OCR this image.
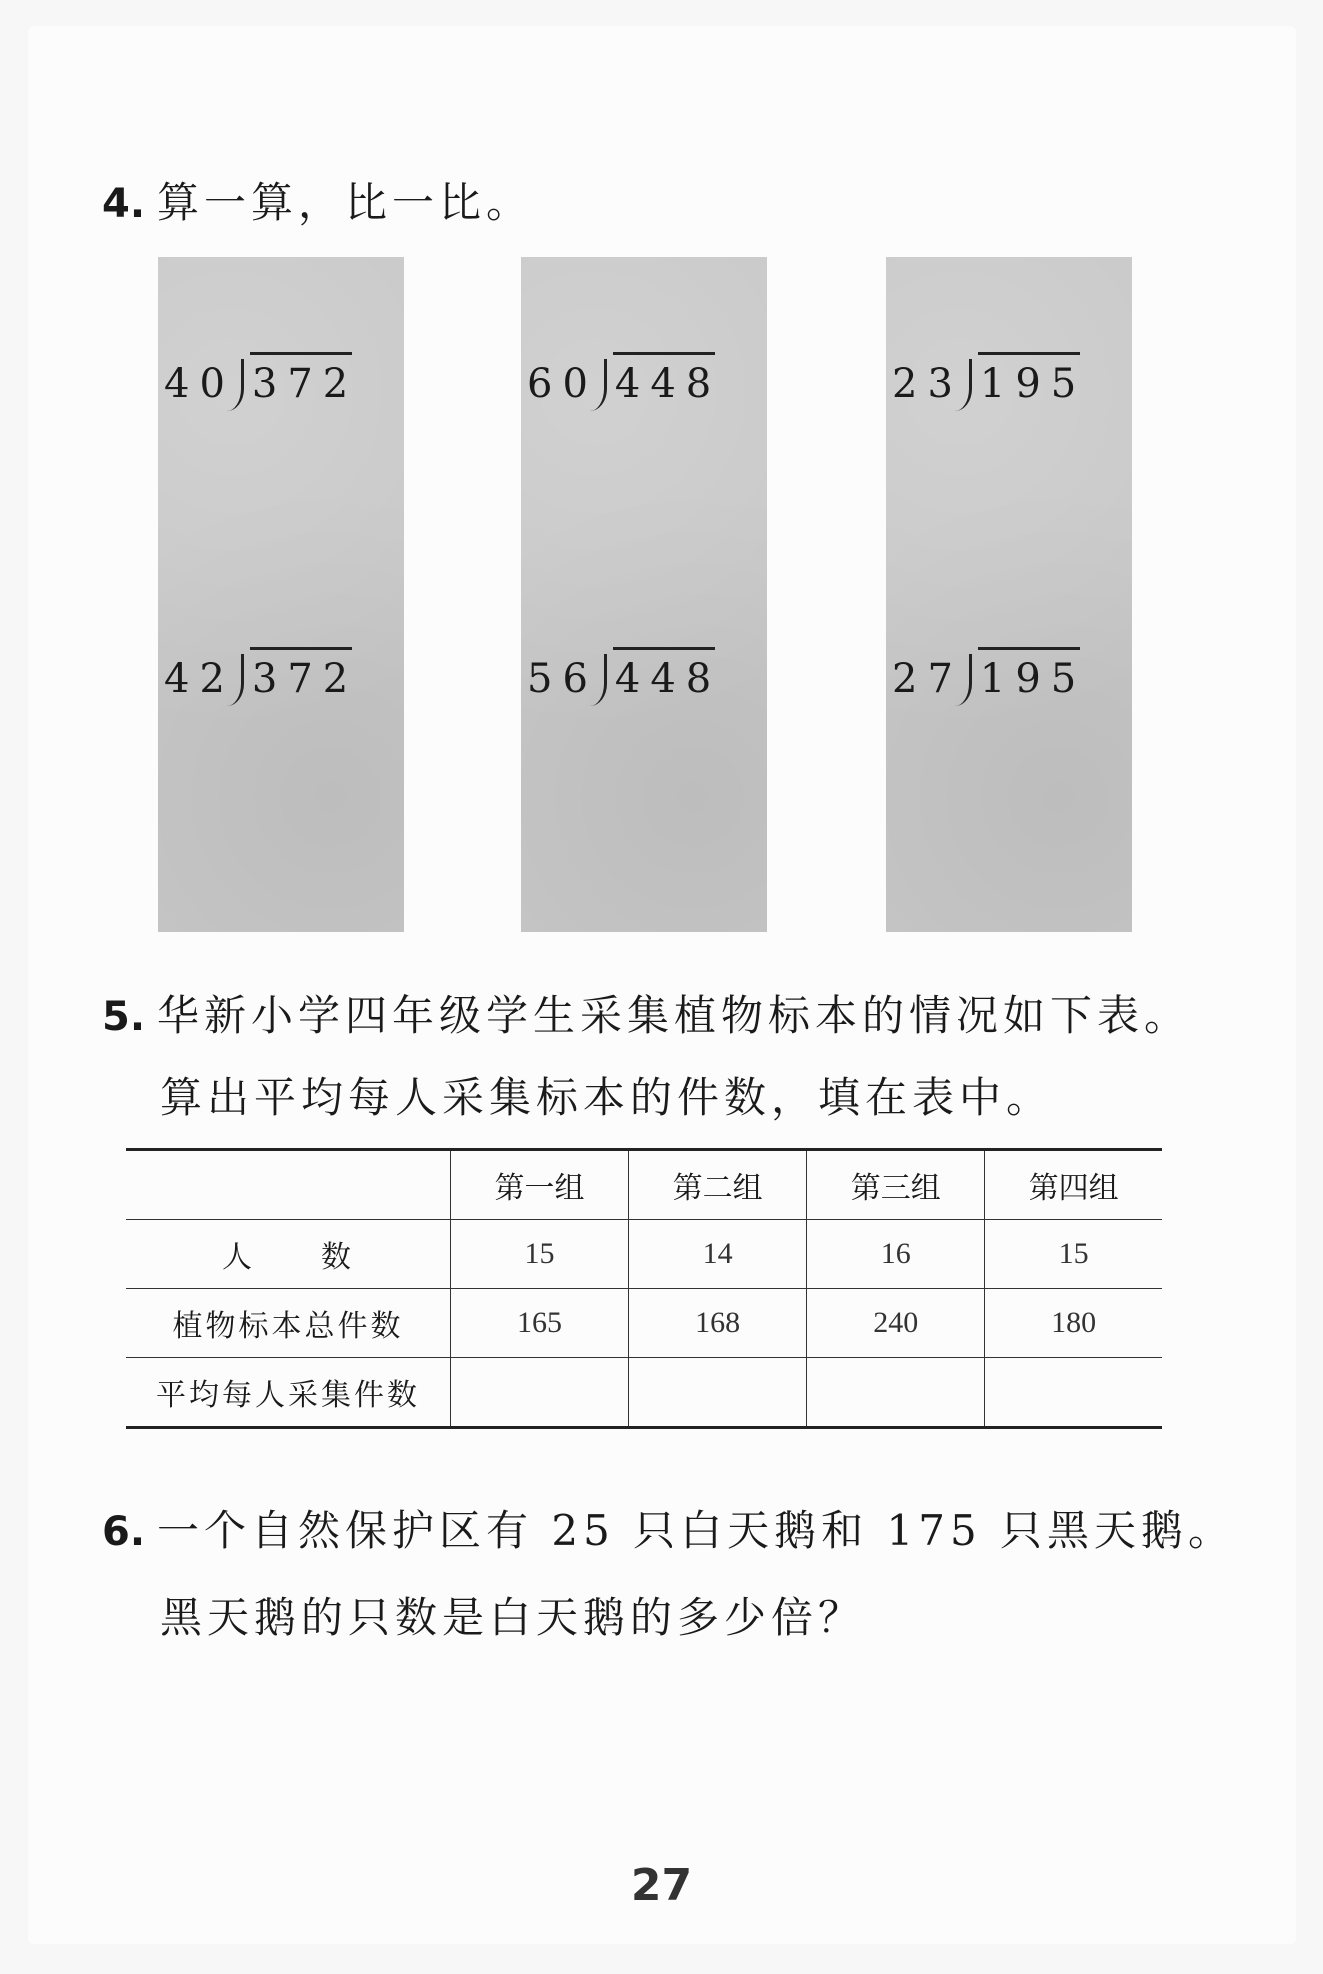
4. 算一算，比一比。
40 372
42 372
60 448
56 448
23 195
27 195
5. 华新小学四年级学生采集植物标本的情况如下表。
算出平均每人采集标本的件数，填在表中。
	第一组	第二组	第三组	第四组
人　　数	15	14	16	15
植物标本总件数	165	168	240	180
平均每人采集件数				
6. 一个自然保护区有 25 只白天鹅和 175 只黑天鹅。
黑天鹅的只数是白天鹅的多少倍？
27
